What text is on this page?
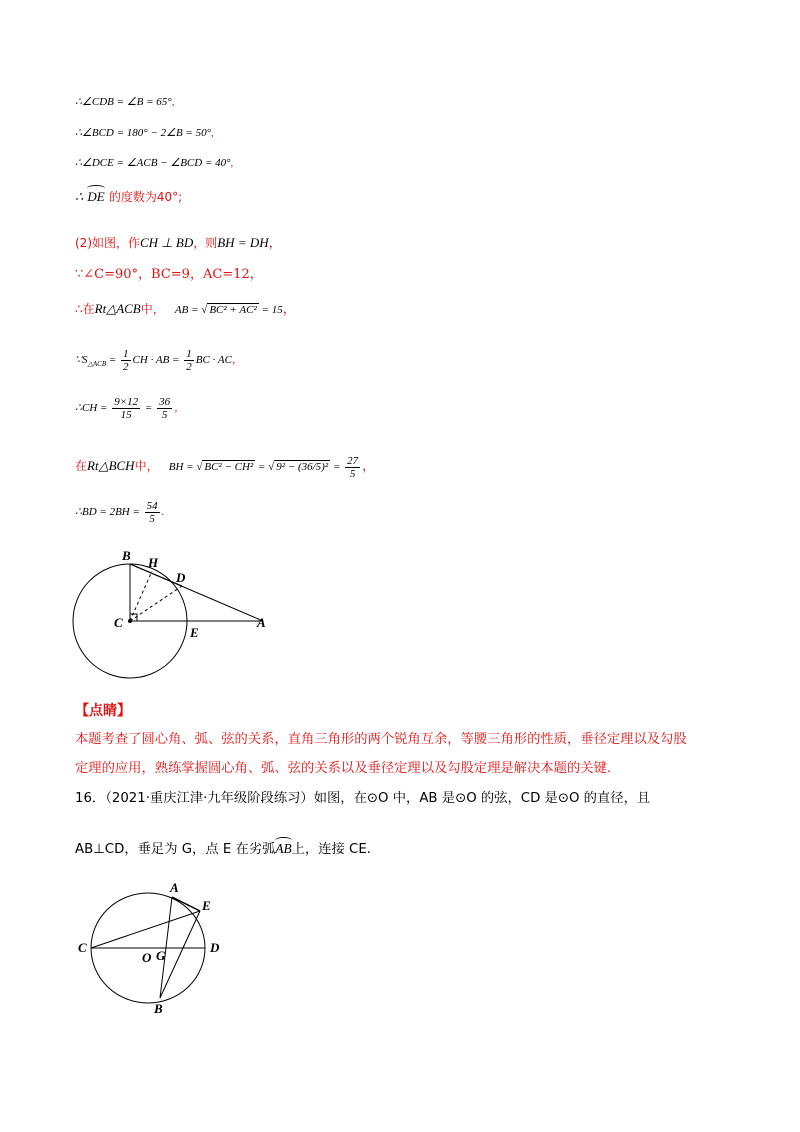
∴∠CDB = ∠B = 65°,
∴∠BCD = 180° − 2∠B = 50°,
∴∠DCE = ∠ACB − ∠BCD = 40°,
∴ DE 的度数为40°;
(2)如图，作CH ⊥ BD，则BH = DH，
∵∠C=90°，BC=9，AC=12，
∴在Rt△ACB中， AB = √ BC² + AC² = 15，
$\because S_{\triangle ACB} = \frac{1}{2}$ CH · AB = $\frac{1}{2}$ BC · AC，
∴CH = $\frac{9\times 12}{15} = \frac{36}{5}$ ，
在Rt△BCH中， BH = √ BC² − CH² = √ $9^2 - (36/5)^2 = \frac{27}{5}$ ，
∴BD = $2BH = \frac{54}{5}$ .
B H
D
C
E
A
【点睛】
本题考查了圆心角、弧、弦的关系，直角三角形的两个锐角互余，等腰三角形的性质，垂径定理以及勾股
定理的应用，熟练掌握圆心角、弧、弦的关系以及垂径定理以及勾股定理是解决本题的关键.
16．（2021·重庆江津·九年级阶段练习）如图，在⊙O 中，AB 是⊙O 的弦，CD 是⊙O 的直径，且
AB⊥CD，垂足为 G，点 E 在劣弧
AB上，连接 CE.
A
E
C
O G
D
B
